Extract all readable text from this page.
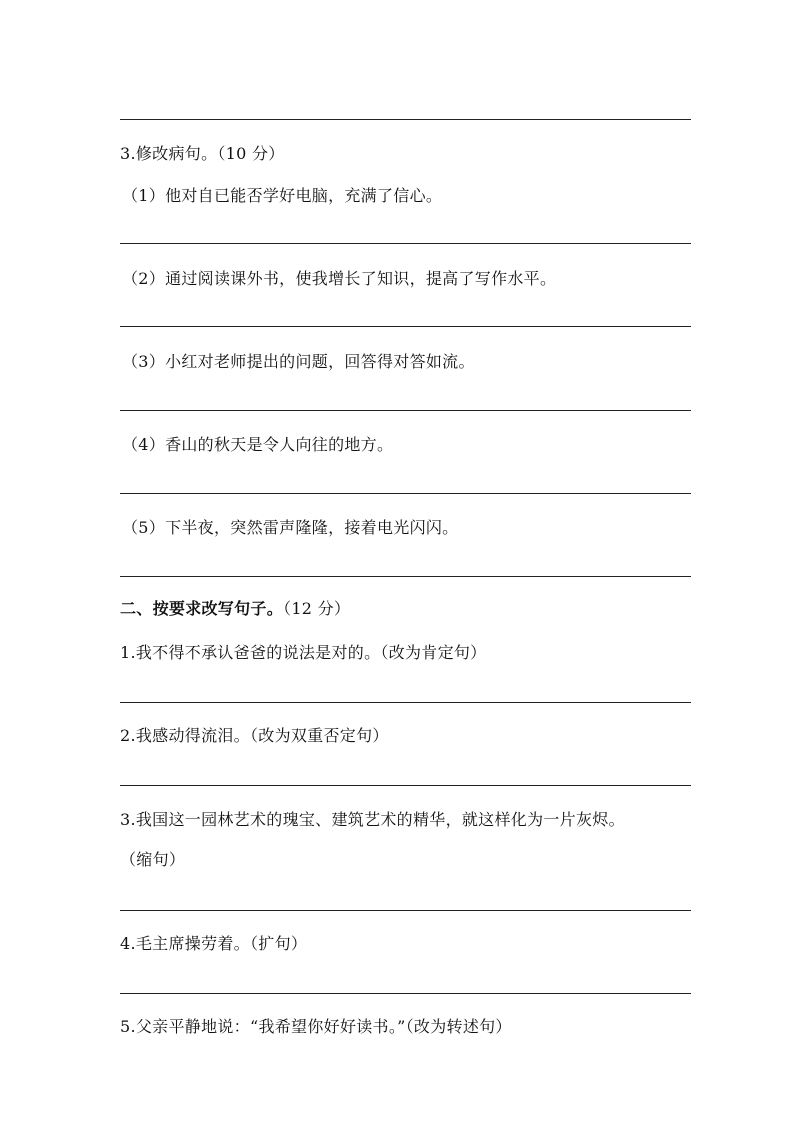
3.修改病句。（10 分）
（1）他对自已能否学好电脑，充满了信心。
（2）通过阅读课外书，使我增长了知识，提高了写作水平。
（3）小红对老师提出的问题，回答得对答如流。
（4）香山的秋天是令人向往的地方。
（5）下半夜，突然雷声隆隆，接着电光闪闪。
二、按要求改写句子。（12 分）
1.我不得不承认爸爸的说法是对的。（改为肯定句）
2.我感动得流泪。（改为双重否定句）
3.我国这一园林艺术的瑰宝、建筑艺术的精华，就这样化为一片灰烬。
（缩句）
4.毛主席操劳着。（扩句）
5.父亲平静地说：“我希望你好好读书。”（改为转述句）
